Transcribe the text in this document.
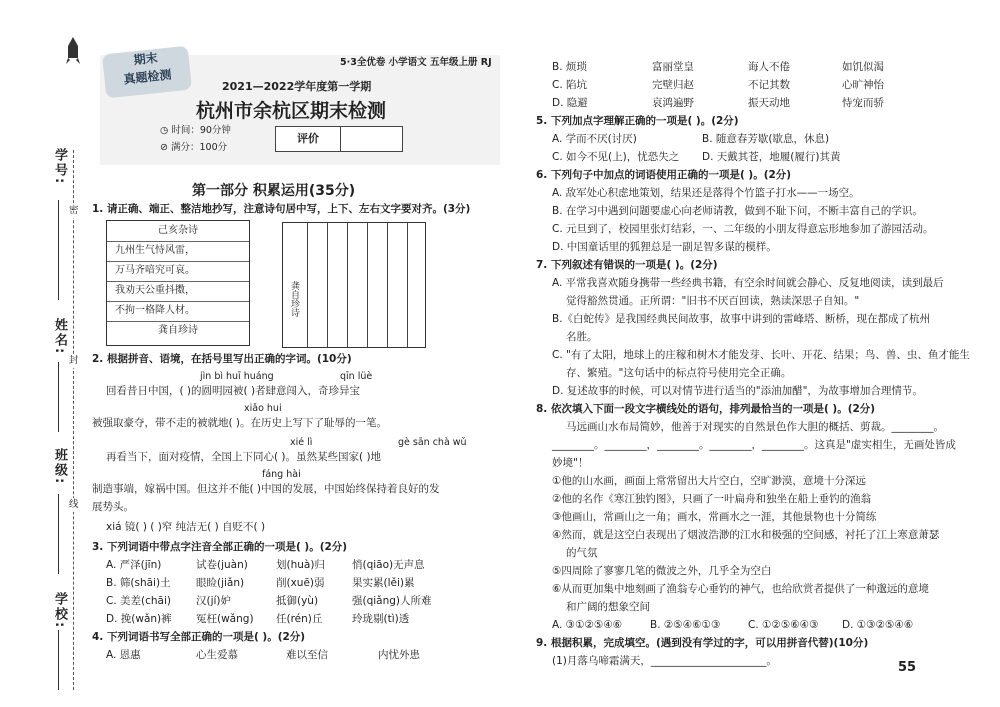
学号:
姓名:
班级:
学校:
密
封
线
期末
真题检测
5·3全优卷 小学语文 五年级上册 RJ
2021—2022学年度第一学期
杭州市余杭区期末检测
◷ 时间：90分钟
⊘ 满分：100分
评价
第一部分 积累运用(35分)
1. 请正确、端正、整洁地抄写，注意诗句居中写，上下、左右文字要对齐。(3分)
己亥杂诗
九州生气恃风雷，
万马齐喑究可哀。
我劝天公重抖擞，
不拘一格降人材。
龚自珍诗
龚自珍诗
2. 根据拼音、语境，在括号里写出正确的字词。(10分)
jìn bì huī huáng	qīn lüè
回看昔日中国，( )的圆明园被( )者肆意闯入，奇珍异宝
xiǎo hui
被强取豪夺，带不走的被就地( )。在历史上写下了耻辱的一笔。
xié lì	gè sān chà wǔ
再看当下，面对疫情，全国上下同心( )。虽然某些国家( )地
fáng hài
制造事端，嫁祸中国。但这并不能( )中国的发展，中国始终保持着良好的发
展势头。
xiá 镜( ) ( )窄 纯洁无( ) 自贬不( )
3. 下列词语中带点字注音全部正确的一项是( )。(2分)
A. 严泽(jīn)	试卷(juàn)	划(huà)归	悄(qiāo)无声息
B. 筛(shāi)土 眼睑(jiǎn)	削(xuē)弱	果实累(lěi)累
C. 美差(chāi) 汉(jí)妒	抵御(yù)	强(qiǎng)人所难
D. 挽(wǎn)裤 冤枉(wǎng) 任(rén)丘	玲珑剔(tì)透
4. 下列词语书写全部正确的一项是( )。(2分)
A. 恩惠	心生爱慕	难以至信	内忧外患
B. 烦琐	富丽堂皇	诲人不倦	如饥似渴
C. 陷坑	完壁归赵	不记其数	心旷神怡
D. 隐避	哀鸿遍野	振天动地	恃宠而骄
5. 下列加点字理解正确的一项是( )。(2分)
A. 学而不厌(讨厌)	B. 随意春芳歇(歇息，休息)
C. 如今不见(上)，忧恐失之 D. 天戴其苍，地履(履行)其黄
6. 下列句子中加点的词语使用正确的一项是( )。(2分)
A. 敌军处心积虑地策划，结果还是落得个竹篮子打水——一场空。
B. 在学习中遇到问题要虚心向老师请教，做到不耻下问，不断丰富自己的学识。
C. 元旦到了，校园里张灯结彩，一、二年级的小朋友得意忘形地参加了游园活动。
D. 中国童话里的狐狸总是一副足智多谋的模样。
7. 下列叙述有错误的一项是( )。(2分)
A. 平常我喜欢随身携带一些经典书籍，有空余时间就会静心、反复地阅读，读到最后
觉得豁然贯通。正所谓："旧书不厌百回读，熟读深思子自知。"
B.《白蛇传》是我国经典民间故事，故事中讲到的雷峰塔、断桥，现在都成了杭州
名胜。
C. "有了太阳，地球上的庄稼和树木才能发芽、长叶、开花、结果；鸟、兽、虫、鱼才能生
存、繁殖。"这句话中的标点符号使用完全正确。
D. 复述故事的时候，可以对情节进行适当的"添油加醋"，为故事增加合理情节。
8. 依次填入下面一段文字横线处的语句，排列最恰当的一项是( )。(2分)
马远画山水布局简妙，他善于对现实的自然景色作大胆的概括、剪裁。________。
________。________，________。________，________。这真是"虚实相生，无画处皆成
妙境"！
①他的山水画，画面上常常留出大片空白，空旷渺漠，意境十分深远
②他的名作《寒江独钓图》，只画了一叶扁舟和独坐在船上垂钓的渔翁
③他画山，常画山之一角；画水，常画水之一涯，其他景物也十分简练
④然而，就是这空白表现出了烟波浩渺的江水和极强的空间感，衬托了江上寒意萧瑟
的气氛
⑤四周除了寥寥几笔的微波之外，几乎全为空白
⑥从而更加集中地刻画了渔翁专心垂钓的神气，也给欣赏者提供了一种邈远的意境
和广阔的想象空间
A. ③①②⑤④⑥	B. ②⑤④⑥①③	C. ①②⑤⑥④③ D. ①③②⑤④⑥
9. 根据积累，完成填空。(遇到没有学过的字，可以用拼音代替)(10分)
(1)月落乌啼霜满天，______________________。	55
